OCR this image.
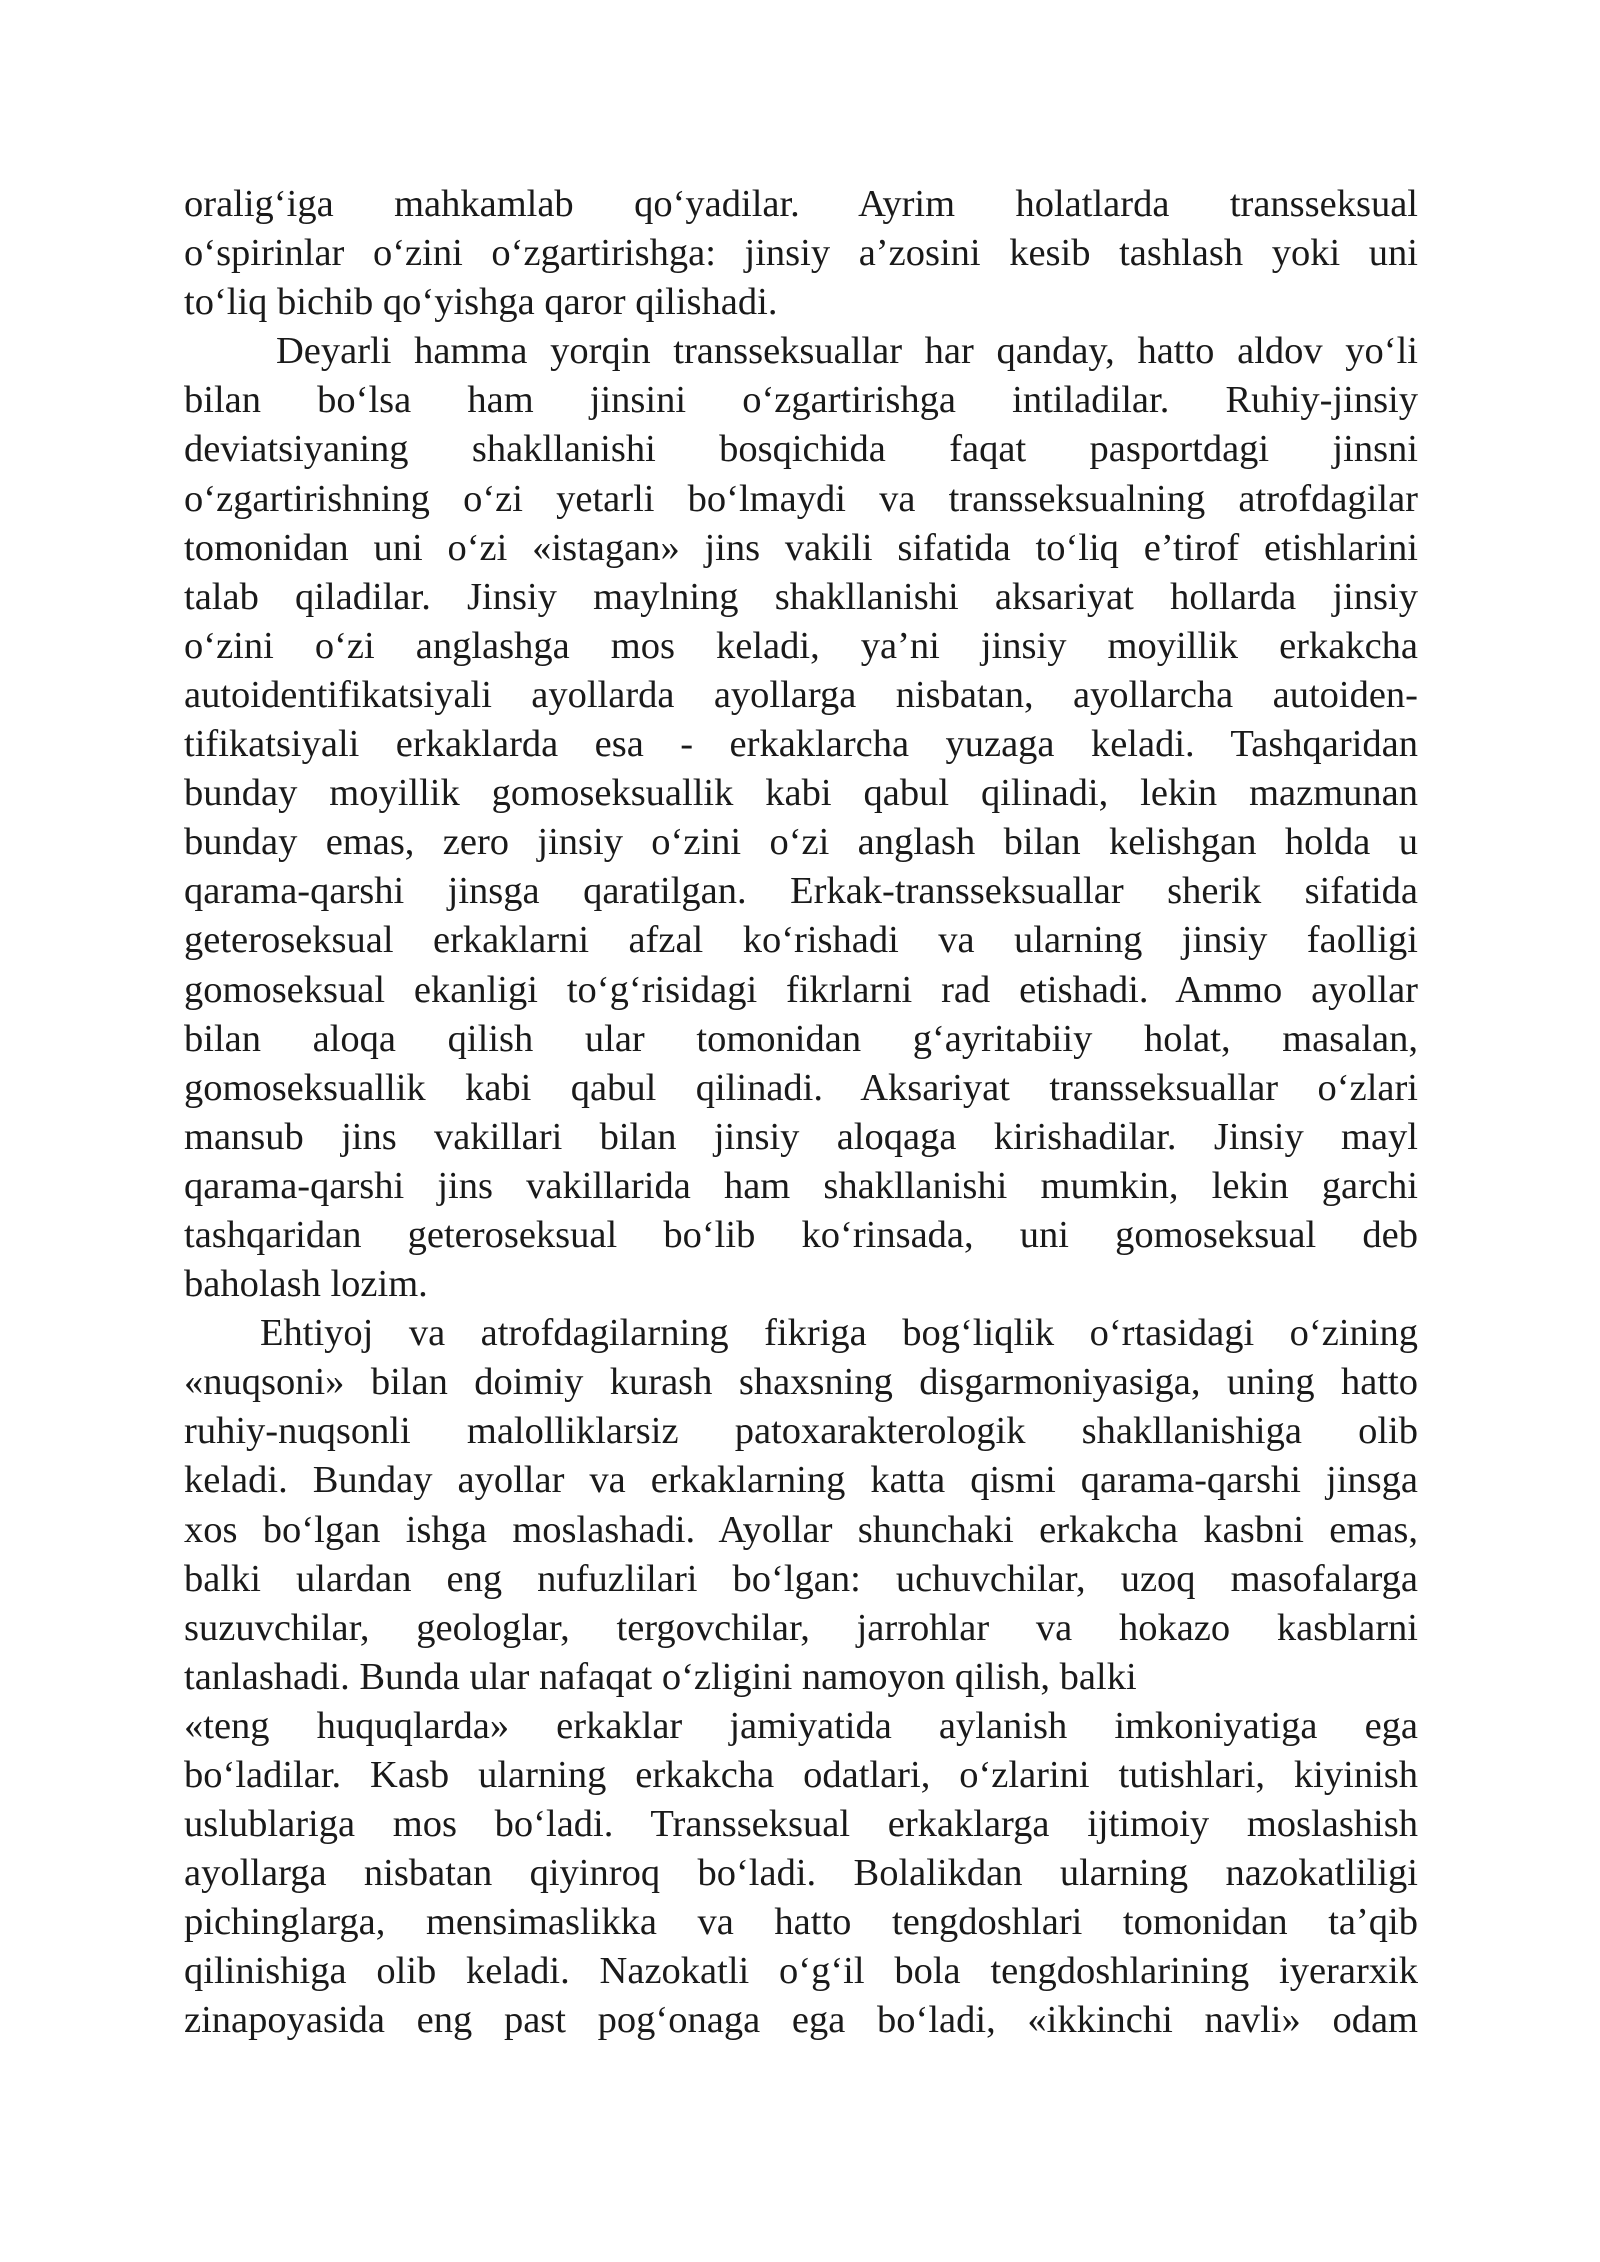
oralig‘iga mahkamlab qo‘yadilar. Ayrim holatlarda transseksual
o‘spirinlar o‘zini o‘zgartirishga: jinsiy a’zosini kesib tashlash yoki uni
to‘liq bichib qo‘yishga qaror qilishadi.
Deyarli hamma yorqin transseksuallar har qanday, hatto aldov yo‘li
bilan bo‘lsa ham jinsini o‘zgartirishga intiladilar. Ruhiy-jinsiy
deviatsiyaning shakllanishi bosqichida faqat pasportdagi jinsni
o‘zgartirishning o‘zi yetarli bo‘lmaydi va transseksualning atrofdagilar
tomonidan uni o‘zi «istagan» jins vakili sifatida to‘liq e’tirof etishlarini
talab qiladilar. Jinsiy maylning shakllanishi aksariyat hollarda jinsiy
o‘zini o‘zi anglashga mos keladi, ya’ni jinsiy moyillik erkakcha
autoidentifikatsiyali ayollarda ayollarga nisbatan, ayollarcha autoiden-
tifikatsiyali erkaklarda esa - erkaklarcha yuzaga keladi. Tashqaridan
bunday moyillik gomoseksuallik kabi qabul qilinadi, lekin mazmunan
bunday emas, zero jinsiy o‘zini o‘zi anglash bilan kelishgan holda u
qarama-qarshi jinsga qaratilgan. Erkak-transseksuallar sherik sifatida
geteroseksual erkaklarni afzal ko‘rishadi va ularning jinsiy faolligi
gomoseksual ekanligi to‘g‘risidagi fikrlarni rad etishadi. Ammo ayollar
bilan aloqa qilish ular tomonidan g‘ayritabiiy holat, masalan,
gomoseksuallik kabi qabul qilinadi. Aksariyat transseksuallar o‘zlari
mansub jins vakillari bilan jinsiy aloqaga kirishadilar. Jinsiy mayl
qarama-qarshi jins vakillarida ham shakllanishi mumkin, lekin garchi
tashqaridan geteroseksual bo‘lib ko‘rinsada, uni gomoseksual deb
baholash lozim.
Ehtiyoj va atrofdagilarning fikriga bog‘liqlik o‘rtasidagi o‘zining
«nuqsoni» bilan doimiy kurash shaxsning disgarmoniyasiga, uning hatto
ruhiy-nuqsonli malolliklarsiz patoxarakterologik shakllanishiga olib
keladi. Bunday ayollar va erkaklarning katta qismi qarama-qarshi jinsga
xos bo‘lgan ishga moslashadi. Ayollar shunchaki erkakcha kasbni emas,
balki ulardan eng nufuzlilari bo‘lgan: uchuvchilar, uzoq masofalarga
suzuvchilar, geologlar, tergovchilar, jarrohlar va hokazo kasblarni
tanlashadi. Bunda ular nafaqat o‘zligini namoyon qilish, balki
«teng huquqlarda» erkaklar jamiyatida aylanish imkoniyatiga ega
bo‘ladilar. Kasb ularning erkakcha odatlari, o‘zlarini tutishlari, kiyinish
uslublariga mos bo‘ladi. Transseksual erkaklarga ijtimoiy moslashish
ayollarga nisbatan qiyinroq bo‘ladi. Bolalikdan ularning nazokatliligi
pichinglarga, mensimaslikka va hatto tengdoshlari tomonidan ta’qib
qilinishiga olib keladi. Nazokatli o‘g‘il bola tengdoshlarining iyerarxik
zinapoyasida eng past pog‘onaga ega bo‘ladi, «ikkinchi navli» odam
